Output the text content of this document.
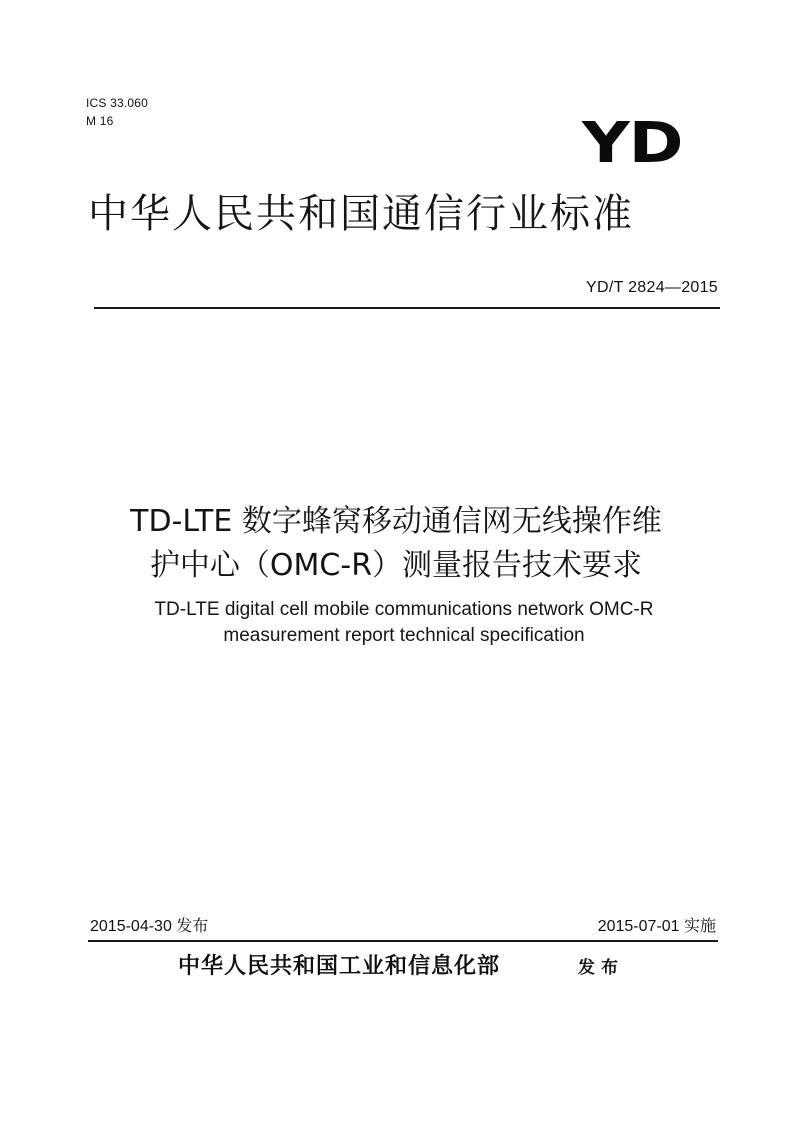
ICS 33.060
M 16	YD
中华人民共和国通信行业标准
YD/T 2824—2015
TD-LTE 数字蜂窝移动通信网无线操作维
护中心（OMC-R）测量报告技术要求
TD-LTE digital cell mobile communications network OMC-R
measurement report technical specification
2015-04-30 发布	2015-07-01 实施
中华人民共和国工业和信息化部	发布
